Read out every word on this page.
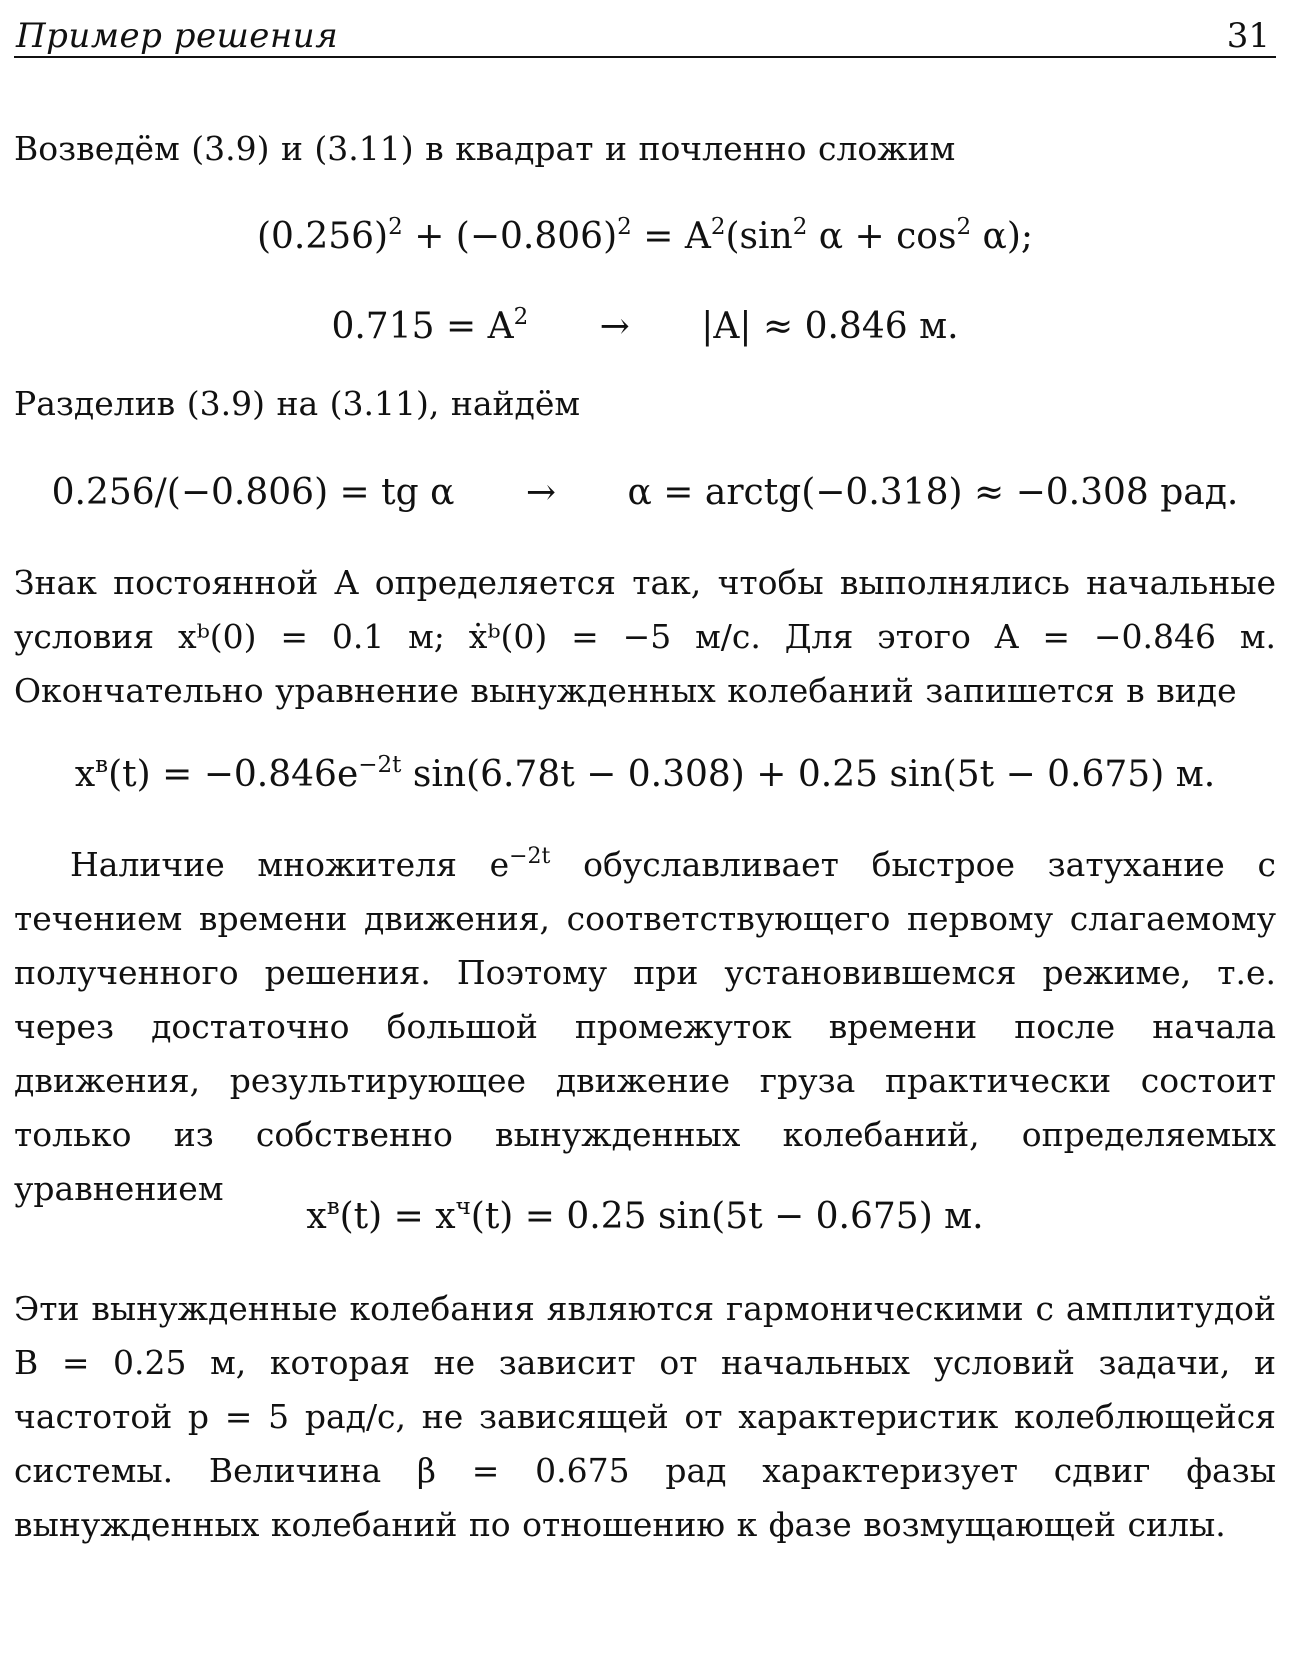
Пример решения	31
Возведём (3.9) и (3.11) в квадрат и почленно сложим
$(0.256)^2 + (-0.806)^2 = A^2(\sin^2$ $\alpha + \cos^2 \alpha$);
$0.715 = A^2 \to |A| \approx 0.846$ м.
Разделив (3.9) на (3.11), найдём
0.256/(−0.806) = tg α → α = arctg(−0.318) ≈ −0.308 рад.
Знак постоянной A определяется так, чтобы выполнялись начальные условия xᵇ(0) = 0.1 м; ẋᵇ(0) = −5 м/с. Для этого A = −0.846 м. Окончательно уравнение вынужденных колебаний запишется в виде
$x^в(t) = -0.846e^{-2t}$ sin(6.78t − 0.308) + 0.25 sin(5t − 0.675) м.
Наличие множителя $e^{-2t}$ обуславливает быстрое затухание с течением времени движения, соответствующего первому слагаемому полученного решения. Поэтому при установившемся режиме, т.е. через достаточно большой промежуток времени после начала движения, результирующее движение груза практически состоит только из собственно вынужденных колебаний, определяемых уравнением
$x^в(t) = x^ч(t) = 0.25$ sin(5t − 0.675) м.
Эти вынужденные колебания являются гармоническими с амплитудой B = 0.25 м, которая не зависит от начальных условий задачи, и частотой p = 5 рад/с, не зависящей от характеристик колеблющейся системы. Величина β = 0.675 рад характеризует сдвиг фазы вынужденных колебаний по отношению к фазе возмущающей силы.
